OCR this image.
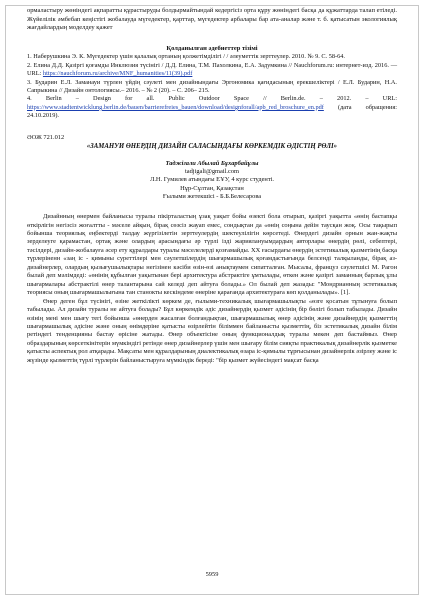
ормаластыру жөніндегі ақпаратты құрастыруды болдырмайтындай кедергісіз орта құру жөніндегі басқа да құжаттарда талап етіледі. Жүйелілік әмбебап кеңістігі жобалауда мүгедектер, қарттар, мүгедектер арбалары бар ата-аналар және т. б. қатысатын экологиялық жағдайлардың моделдеу қажет

Қолданылған әдебиеттер тізімі

1. Наберушкина Э. К. Мүгедектер үшін қалалық ортаның қолжетімділігі / / әлеуметтік зерттеулер. 2010. № 9. С. 58-64.

2. Елина Д.Д. Қазіргі қоғамды Инклюзия түсінігі / Д.Д. Елина, Т.М. Пахолкина, Е.А. Задумкина // Nauchforum.ru: интернет-изд. 2016. — URL: https://nauchforum.ru/archive/MNF_humanities/11(39).pdf

3. Бударин Е.Л. Заманауи түрлен үйдің сәулеті мен дизайнындағы Эргономика қағидасының ерекшеліктері / Е.Л. Бударин, Н.А. Сапрыкина // Дизайн онтологиясы.– 2016. – № 2 (20). – С. 206– 215.

4. Berlin – Design for all. Public Outdoor Space // Berlin.de. – 2012. – URL: https://www.stadtentwicklung.berlin.de/bauen/barrierefreies_bauen/download/designforall/apb_red_brosсhure_en.pdf (дата обращения: 24.10.2019).

ӘОЖ 721.012

«ЗАМАНУИ ӨНЕРДІҢ ДИЗАЙН САЛАСЫНДАҒЫ КӨРКЕМДІК ӘДІСТІҢ РӨЛІ»

Таджігали Абылай Бұхарбайұлы

tadjigali@gmail.com

Л.Н. Гумилев атындағы ЕҰУ, 4 курс студенті.

Нұр-Сұлтан, Қазақстан

Ғылыми жетекшісі - Б.Б.Белесарова

Дизайнның өнермен байланысы туралы пікірталастың ұзақ уақыт бойы өзекті бола отырып, қазіргі уақытта «өнің бастапқы өткірлігін негізсіз жоғалтты - мәселе айқын, бірақ сөзсіз жауап емес, сондықтан да «өнің соңына дейін таусқан жоқ. Осы тақырып бойынша теориялық еңбектерді талдау жүргізілетін зерттеулердің шектеулілігін көрсетеді. Өнердегі дизайн орнын жан-жақты зерделеуге қарамастан, ортақ және олардың арасындағы әр түрлі ізді жариялануымдардың авторлары өнердің рөлі, себептері, тәсілдері, дизайн-жобалауға әсер ету құралдары туралы мәселелерді қозғамайды. ХХ ғасырдағы өнердің эстетикалық қызметінің басқа түрлеріненн «заң іс - қимыны суреттілері мен сәулетшілердің шығармашылық қоғамдастығында белсенді талқыланды, бірақ аз-дизайнерлер, олардың қызығушылықтары негізінен кәсіби өзін-өзі анықтаумен сипатталған. Мысалы, француз сәулетшісі М. Рагон былай деп мәлімдеді: «өнінің құбылған уақытынан бері архитектура абстрактіге ұмтылады, өткен және қазіргі заманның барлық ұлы шығармалары абстрактілі өнер талантарына сай келеді деп айтуға болады.» Ол былай деп жазады: "Мондрианның эстетикалық теориясы оның шығармашылығына тан станокты кескіндеме өнеріне қарағанда архитектураға көп қолданылады». [1].

Өнер деген бұл түсінігі, өзіне жеткілікті көркем де, ғылыми-техникалық шығармашылықты «өзге қосатын тұтынуға болып табылады. Ал дизайн туралы не айтуға болады? Бұл көркемдік әдіс дизайнердің қызмет әдісінің бір бөлігі болып табылады. Дизайн өзінің мені мен шығу тегі бойынша «өнерден жасалған болғандықтан, шығармашылық өнер әдісінің және дизайнердің қызметтің шығармашылық әдісіне және оның өнімдеріне қатысты өзірлейтін біліммен байланысты қызметтің, біз эстетикалық дизайн білім ретіндегі тенденцияны бастау өрісіне жатады. Өнер объектісіне оның функционалдық туралы мекен деп бастаймыз. Өнер образдарының көрсеткінітерін мүмкіндігі ретінде өнер дизайнерлер үшін мен шығару білім сияқты практикалық дизайнерлік қызметке қатысты аспектық рол атқарады. Мақсаты мен құралдарының диалектикалық өзара іс-қимылы тұрғысынан дизайнерлік әзірлеу және іс жүзінде қызметтің түрлі түрлерін байланыстыруға мүмкіндік береді: "бір қызмет жүйесіндегі мақсат басқа

5959
